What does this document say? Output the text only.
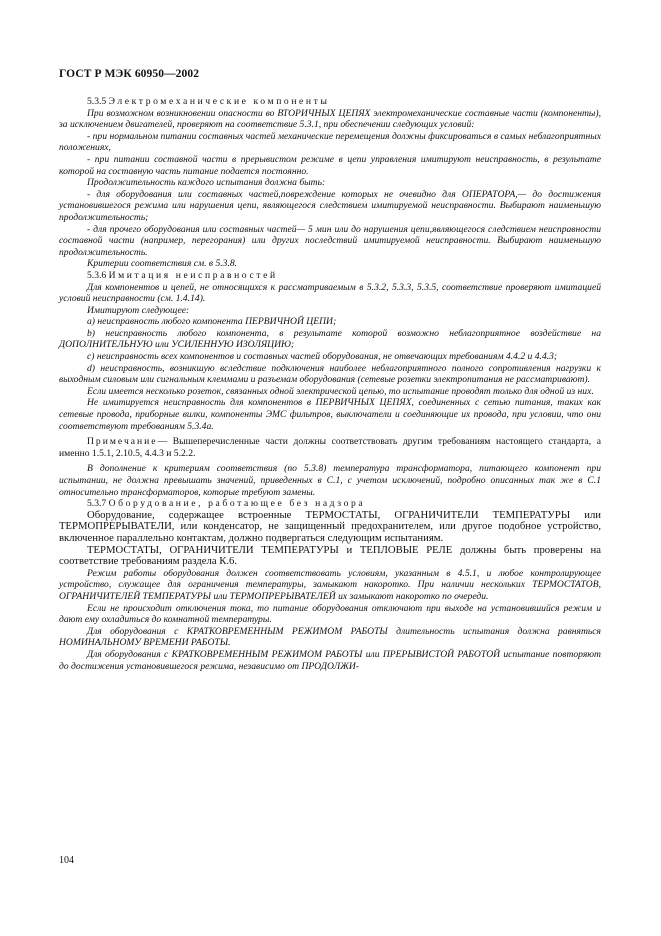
ГОСТ Р МЭК 60950—2002

5.3.5 Электромеханические компоненты

При возможном возникновении опасности во ВТОРИЧНЫХ ЦЕПЯХ электромеханические составные части (компоненты), за исключением двигателей, проверяют на соответствие 5.3.1, при обеспечении следующих условий:

- при нормальном питании составных частей механические перемещения должны фиксироваться в самых неблагоприятных положениях,

- при питании составной части в прерывистом режиме в цепи управления имитируют неисправность, в результате которой на составную часть питание подается постоянно.

Продолжительность каждого испытания должна быть:

- для оборудования или составных частей,повреждение которых не очевидно для ОПЕРАТОРА,— до достижения установившегося режима или нарушения цепи, являющегося следствием имитируемой неисправности. Выбирают наименьшую продолжительность;

- для прочего оборудования или составных частей— 5 мин или до нарушения цепи,являющегося следствием неисправности составной части (например, перегорания) или других последствий имитируемой неисправности. Выбирают наименьшую продолжительность.

Критерии соответствия см. в 5.3.8.

5.3.6 Имитация неисправностей

Для компонентов и цепей, не относящихся к рассматриваемым в 5.3.2, 5.3.3, 5.3.5, соответствие проверяют имитацией условий неисправности (см. 1.4.14).

Имитируют следующее:

a) неисправность любого компонента ПЕРВИЧНОЙ ЦЕПИ;

b) неисправность любого компонента, в результате которой возможно неблагоприятное воздействие на ДОПОЛНИТЕЛЬНУЮ или УСИЛЕННУЮ ИЗОЛЯЦИЮ;

c) неисправность всех компонентов и составных частей оборудования, не отвечающих требованиям 4.4.2 и 4.4.3;

d) неисправность, возникшую вследствие подключения наиболее неблагоприятного полного сопротивления нагрузки к выходным силовым или сигнальным клеммами и разъемам оборудования (сетевые розетки электропитания не рассматривают).

Если имеется несколько розеток, связанных одной электрической цепью, то испытание проводят только для одной из них.

Не имитируется неисправность для компонентов в ПЕРВИЧНЫХ ЦЕПЯХ, соединенных с сетью питания, таких как сетевые провода, приборные вилки, компоненты ЭМС фильтров, выключатели и соединяющие их провода, при условии, что они соответствуют требованиям 5.3.4a.

Примечание— Вышеперечисленные части должны соответствовать другим требованиям настоящего стандарта, а именно 1.5.1, 2.10.5, 4.4.3 и 5.2.2.

В дополнение к критериям соответствия (по 5.3.8) температура трансформатора, питающего компонент при испытании, не должна превышать значений, приведенных в С.1, с учетом исключений, подробно описанных так же в С.1 относительно трансформаторов, которые требуют замены.

5.3.7 Оборудование, работающее без надзора

Оборудование, содержащее встроенные ТЕРМОСТАТЫ, ОГРАНИЧИТЕЛИ ТЕМПЕРАТУРЫ или ТЕРМОПРЕРЫВАТЕЛИ, или конденсатор, не защищенный предохранителем, или другое подобное устройство, включенное параллельно контактам, должно подвергаться следующим испытаниям.

ТЕРМОСТАТЫ, ОГРАНИЧИТЕЛИ ТЕМПЕРАТУРЫ и ТЕПЛОВЫЕ РЕЛЕ должны быть проверены на соответствие требованиям раздела К.6.

Режим работы оборудования должен соответствовать условиям, указанным в 4.5.1, и любое контролирующее устройство, служащее для ограничения температуры, замыкают накоротко. При наличии нескольких ТЕРМОСТАТОВ, ОГРАНИЧИТЕЛЕЙ ТЕМПЕРАТУРЫ или ТЕРМОПРЕРЫВАТЕЛЕЙ их замыкают накоротко по очереди.

Если не происходит отключения тока, то питание оборудования отключают при выходе на установившийся режим и дают ему охладиться до комнатной температуры.

Для оборудования с КРАТКОВРЕМЕННЫМ РЕЖИМОМ РАБОТЫ длительность испытания должна равняться НОМИНАЛЬНОМУ ВРЕМЕНИ РАБОТЫ.

Для оборудования с КРАТКОВРЕМЕННЫМ РЕЖИМОМ РАБОТЫ или ПРЕРЫВИСТОЙ РАБОТОЙ испытание повторяют до достижения установившегося режима, независимо от ПРОДОЛЖИ-

104
